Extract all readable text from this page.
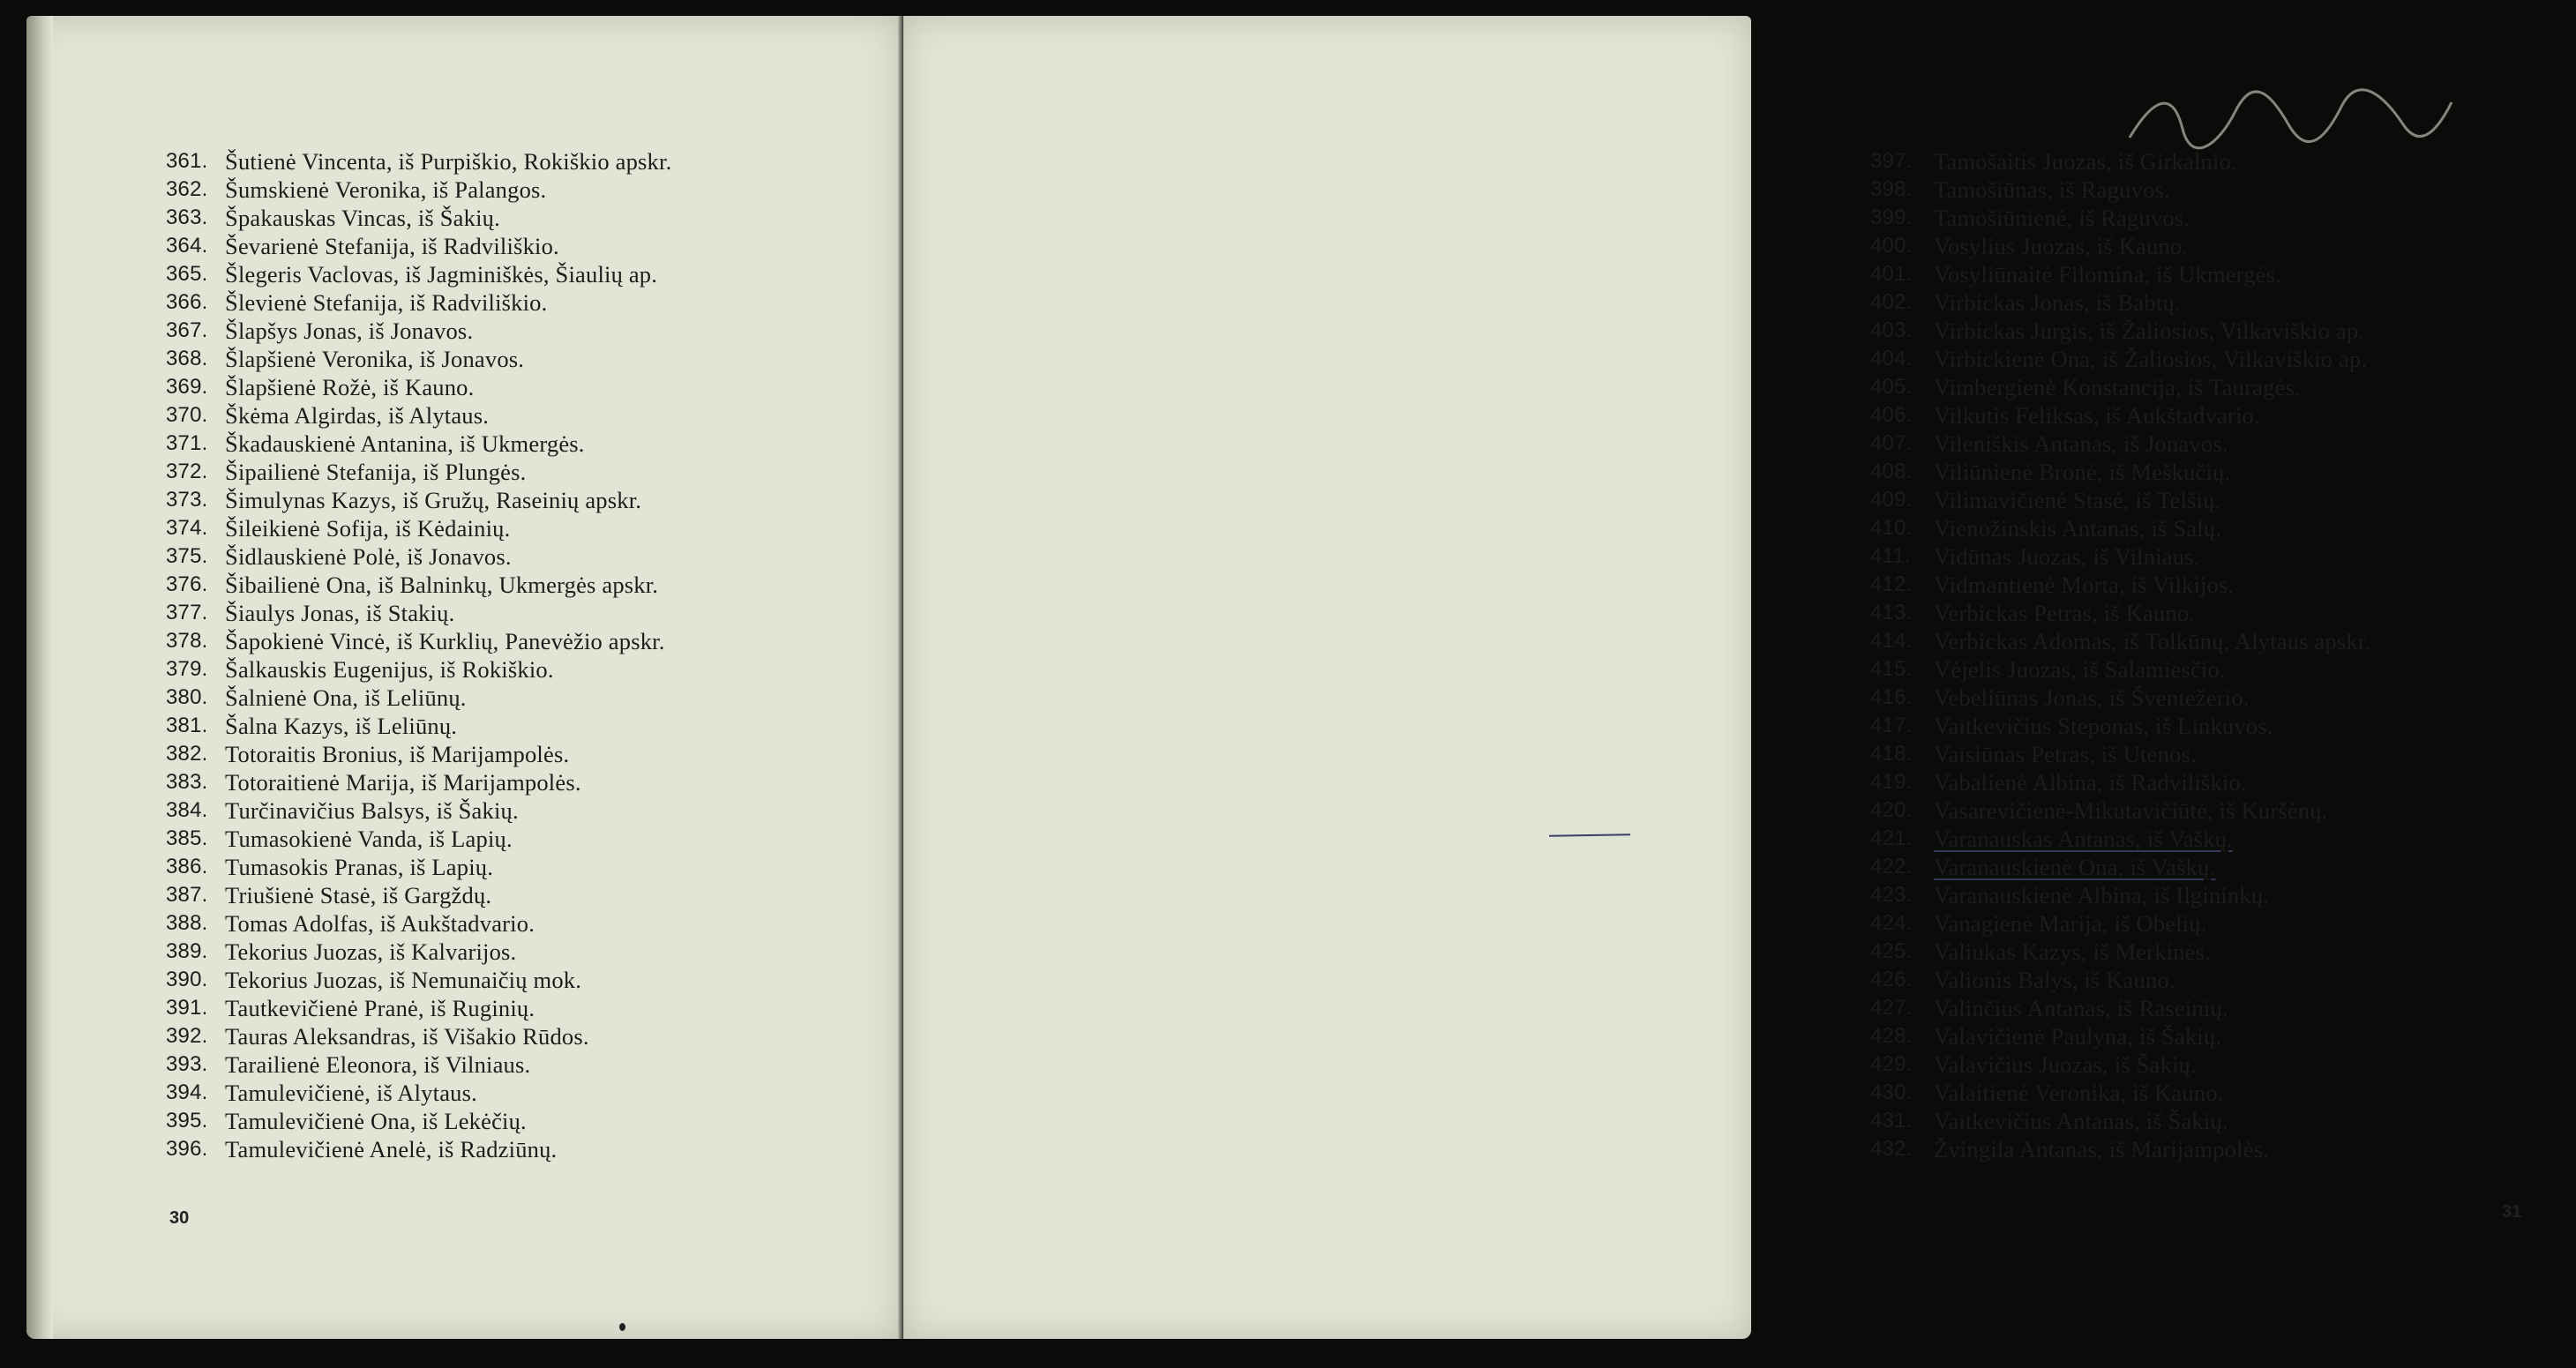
361. Šutienė Vincenta, iš Purpiškio, Rokiškio apskr.
362. Šumskienė Veronika, iš Palangos.
363. Špakauskas Vincas, iš Šakių.
364. Ševarienė Stefanija, iš Radviliškio.
365. Šlegeris Vaclovas, iš Jagminiškės, Šiaulių ap.
366. Šlevienė Stefanija, iš Radviliškio.
367. Šlapšys Jonas, iš Jonavos.
368. Šlapšienė Veronika, iš Jonavos.
369. Šlapšienė Rožė, iš Kauno.
370. Škėma Algirdas, iš Alytaus.
371. Škadauskienė Antanina, iš Ukmergės.
372. Šipailienė Stefanija, iš Plungės.
373. Šimulynas Kazys, iš Gružų, Raseinių apskr.
374. Šileikienė Sofija, iš Kėdainių.
375. Šidlauskienė Polė, iš Jonavos.
376. Šibailienė Ona, iš Balninkų, Ukmergės apskr.
377. Šiaulys Jonas, iš Stakių.
378. Šapokienė Vincė, iš Kurklių, Panevėžio apskr.
379. Šalkauskis Eugenijus, iš Rokiškio.
380. Šalnienė Ona, iš Leliūnų.
381. Šalna Kazys, iš Leliūnų.
382. Totoraitis Bronius, iš Marijampolės.
383. Totoraitienė Marija, iš Marijampolės.
384. Turčinavičius Balsys, iš Šakių.
385. Tumasokienė Vanda, iš Lapių.
386. Tumasokis Pranas, iš Lapių.
387. Triušienė Stasė, iš Gargždų.
388. Tomas Adolfas, iš Aukštadvario.
389. Tekorius Juozas, iš Kalvarijos.
390. Tekorius Juozas, iš Nemunaičių mok.
391. Tautkevičienė Pranė, iš Ruginių.
392. Tauras Aleksandras, iš Višakio Rūdos.
393. Tarailienė Eleonora, iš Vilniaus.
394. Tamulevičienė, iš Alytaus.
395. Tamulevičienė Ona, iš Lekėčių.
396. Tamulevičienė Anelė, iš Radziūnų.
30
397. Tamošaitis Juozas, iš Girkalnio.
398. Tamošiūnas, iš Raguvos.
399. Tamošiūnienė, iš Raguvos.
400. Vosylius Juozas, iš Kauno.
401. Vosyliūnaitė Filomina, iš Ukmergės.
402. Virbickas Jonas, iš Babtų.
403. Virbickas Jurgis, iš Žaliosios, Vilkaviškio ap.
404. Virbickienė Ona, iš Žaliosios, Vilkaviškio ap.
405. Vimbergienė Konstancija, iš Tauragės.
406. Vilkutis Feliksas, iš Aukštadvario.
407. Vileniškis Antanas, iš Jonavos.
408. Viliūnienė Bronė, iš Meškučių.
409. Vilimavičienė Stasė, iš Telšių.
410. Vienožinskis Antanas, iš Salų.
411. Vidūnas Juozas, iš Vilniaus.
412. Vidmantienė Morta, iš Vilkijos.
413. Verbickas Petras, iš Kauno.
414. Verbickas Adomas, iš Tolkūnų, Alytaus apskr.
415. Vėjelis Juozas, iš Salamiesčio.
416. Vebeliūnas Jonas, iš Šventežerio.
417. Vaitkevičius Steponas, iš Linkuvos.
418. Vaisiūnas Petras, iš Utenos.
419. Vabalienė Albina, iš Radviliškio.
420. Vasarevičienė-Mikutavičiūtė, iš Kuršėnų.
421. Varanauskas Antanas, iš Vaškų.
422. Varanauskienė Ona, iš Vaškų.
423. Varanauskienė Albina, iš Ilgininkų.
424. Vanagienė Marija, iš Obelių.
425. Valiukas Kazys, iš Merkinės.
426. Valionis Balys, iš Kauno.
427. Valinčius Antanas, iš Raseinių.
428. Valavičienė Paulyna, iš Šakių.
429. Valavičius Juozas, iš Šakių.
430. Valaitienė Veronika, iš Kauno.
431. Vaitkevičius Antanas, iš Šakių.
432. Žvingila Antanas, iš Marijampolės.
31
